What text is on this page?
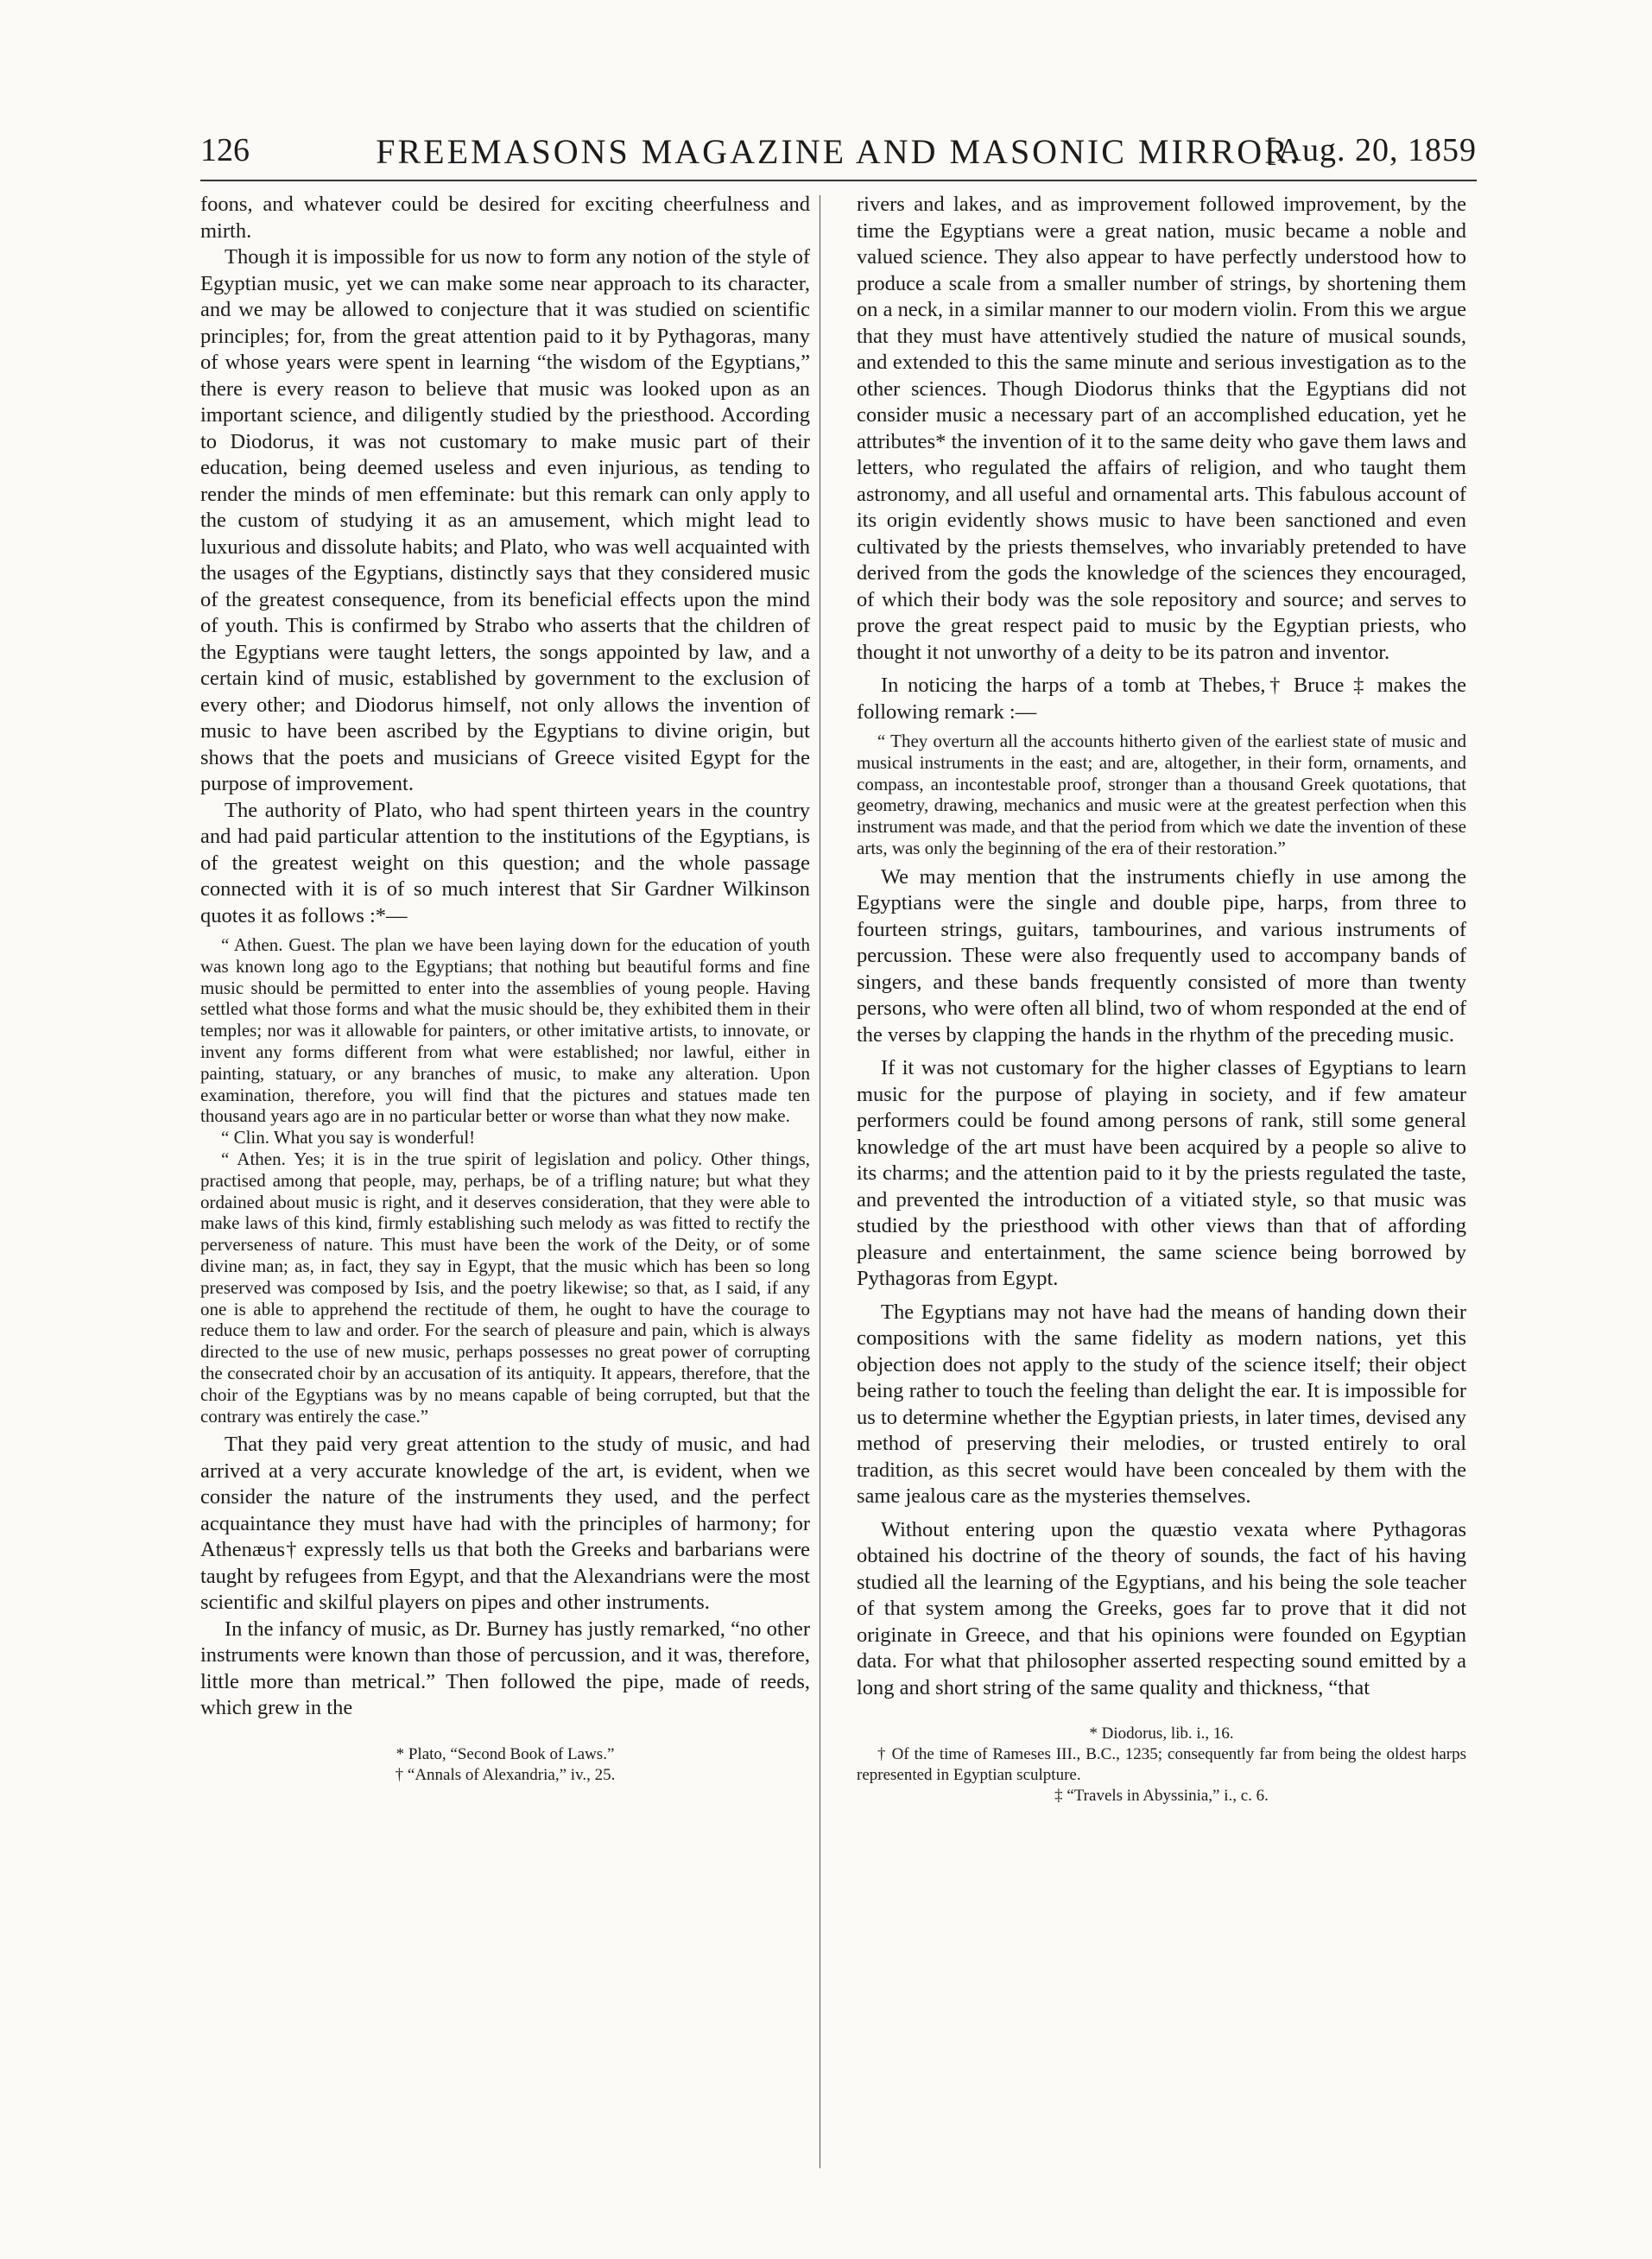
126	FREEMASONS MAGAZINE AND MASONIC MIRROR.
[Aug. 20, 1859

foons, and whatever could be desired for exciting cheerfulness and mirth.

Though it is impossible for us now to form any notion of the style of Egyptian music, yet we can make some near approach to its character, and we may be allowed to conjecture that it was studied on scientific principles; for, from the great attention paid to it by Pythagoras, many of whose years were spent in learning “the wisdom of the Egyptians,” there is every reason to believe that music was looked upon as an important science, and diligently studied by the priesthood. According to Diodorus, it was not customary to make music part of their education, being deemed useless and even injurious, as tending to render the minds of men effeminate: but this remark can only apply to the custom of studying it as an amusement, which might lead to luxurious and dissolute habits; and Plato, who was well acquainted with the usages of the Egyptians, distinctly says that they considered music of the greatest consequence, from its beneficial effects upon the mind of youth. This is confirmed by Strabo who asserts that the children of the Egyptians were taught letters, the songs appointed by law, and a certain kind of music, established by government to the exclusion of every other; and Diodorus himself, not only allows the invention of music to have been ascribed by the Egyptians to divine origin, but shows that the poets and musicians of Greece visited Egypt for the purpose of improvement.

The authority of Plato, who had spent thirteen years in the country and had paid particular attention to the institutions of the Egyptians, is of the greatest weight on this question; and the whole passage connected with it is of so much interest that Sir Gardner Wilkinson quotes it as follows :*—

“ Athen. Guest. The plan we have been laying down for the education of youth was known long ago to the Egyptians; that nothing but beautiful forms and fine music should be permitted to enter into the assemblies of young people. Having settled what those forms and what the music should be, they exhibited them in their temples; nor was it allowable for painters, or other imitative artists, to innovate, or invent any forms different from what were established; nor lawful, either in painting, statuary, or any branches of music, to make any alteration. Upon examination, therefore, you will find that the pictures and statues made ten thousand years ago are in no particular better or worse than what they now make.

“ Clin. What you say is wonderful!

“ Athen. Yes; it is in the true spirit of legislation and policy. Other things, practised among that people, may, perhaps, be of a trifling nature; but what they ordained about music is right, and it deserves consideration, that they were able to make laws of this kind, firmly establishing such melody as was fitted to rectify the perverseness of nature. This must have been the work of the Deity, or of some divine man; as, in fact, they say in Egypt, that the music which has been so long preserved was composed by Isis, and the poetry likewise; so that, as I said, if any one is able to apprehend the rectitude of them, he ought to have the courage to reduce them to law and order. For the search of pleasure and pain, which is always directed to the use of new music, perhaps possesses no great power of corrupting the consecrated choir by an accusation of its antiquity. It appears, therefore, that the choir of the Egyptians was by no means capable of being corrupted, but that the contrary was entirely the case.”

That they paid very great attention to the study of music, and had arrived at a very accurate knowledge of the art, is evident, when we consider the nature of the instruments they used, and the perfect acquaintance they must have had with the principles of harmony; for Athenæus† expressly tells us that both the Greeks and barbarians were taught by refugees from Egypt, and that the Alexandrians were the most scientific and skilful players on pipes and other instruments.

In the infancy of music, as Dr. Burney has justly remarked, “no other instruments were known than those of percussion, and it was, therefore, little more than metrical.” Then followed the pipe, made of reeds, which grew in the

* Plato, “Second Book of Laws.”

† “Annals of Alexandria,” iv., 25.

rivers and lakes, and as improvement followed improvement, by the time the Egyptians were a great nation, music became a noble and valued science. They also appear to have perfectly understood how to produce a scale from a smaller number of strings, by shortening them on a neck, in a similar manner to our modern violin. From this we argue that they must have attentively studied the nature of musical sounds, and extended to this the same minute and serious investigation as to the other sciences. Though Diodorus thinks that the Egyptians did not consider music a necessary part of an accomplished education, yet he attributes* the invention of it to the same deity who gave them laws and letters, who regulated the affairs of religion, and who taught them astronomy, and all useful and ornamental arts. This fabulous account of its origin evidently shows music to have been sanctioned and even cultivated by the priests themselves, who invariably pretended to have derived from the gods the knowledge of the sciences they encouraged, of which their body was the sole repository and source; and serves to prove the great respect paid to music by the Egyptian priests, who thought it not unworthy of a deity to be its patron and inventor.

In noticing the harps of a tomb at Thebes,† Bruce ‡ makes the following remark :—

“ They overturn all the accounts hitherto given of the earliest state of music and musical instruments in the east; and are, altogether, in their form, ornaments, and compass, an incontestable proof, stronger than a thousand Greek quotations, that geometry, drawing, mechanics and music were at the greatest perfection when this instrument was made, and that the period from which we date the invention of these arts, was only the beginning of the era of their restoration.”

We may mention that the instruments chiefly in use among the Egyptians were the single and double pipe, harps, from three to fourteen strings, guitars, tambourines, and various instruments of percussion. These were also frequently used to accompany bands of singers, and these bands frequently consisted of more than twenty persons, who were often all blind, two of whom responded at the end of the verses by clapping the hands in the rhythm of the preceding music.

If it was not customary for the higher classes of Egyptians to learn music for the purpose of playing in society, and if few amateur performers could be found among persons of rank, still some general knowledge of the art must have been acquired by a people so alive to its charms; and the attention paid to it by the priests regulated the taste, and prevented the introduction of a vitiated style, so that music was studied by the priesthood with other views than that of affording pleasure and entertainment, the same science being borrowed by Pythagoras from Egypt.

The Egyptians may not have had the means of handing down their compositions with the same fidelity as modern nations, yet this objection does not apply to the study of the science itself; their object being rather to touch the feeling than delight the ear. It is impossible for us to determine whether the Egyptian priests, in later times, devised any method of preserving their melodies, or trusted entirely to oral tradition, as this secret would have been concealed by them with the same jealous care as the mysteries themselves.

Without entering upon the quæstio vexata where Pythagoras obtained his doctrine of the theory of sounds, the fact of his having studied all the learning of the Egyptians, and his being the sole teacher of that system among the Greeks, goes far to prove that it did not originate in Greece, and that his opinions were founded on Egyptian data. For what that philosopher asserted respecting sound emitted by a long and short string of the same quality and thickness, “that

* Diodorus, lib. i., 16.

† Of the time of Rameses III., B.C., 1235; consequently far from being the oldest harps represented in Egyptian sculpture.

‡ “Travels in Abyssinia,” i., c. 6.
